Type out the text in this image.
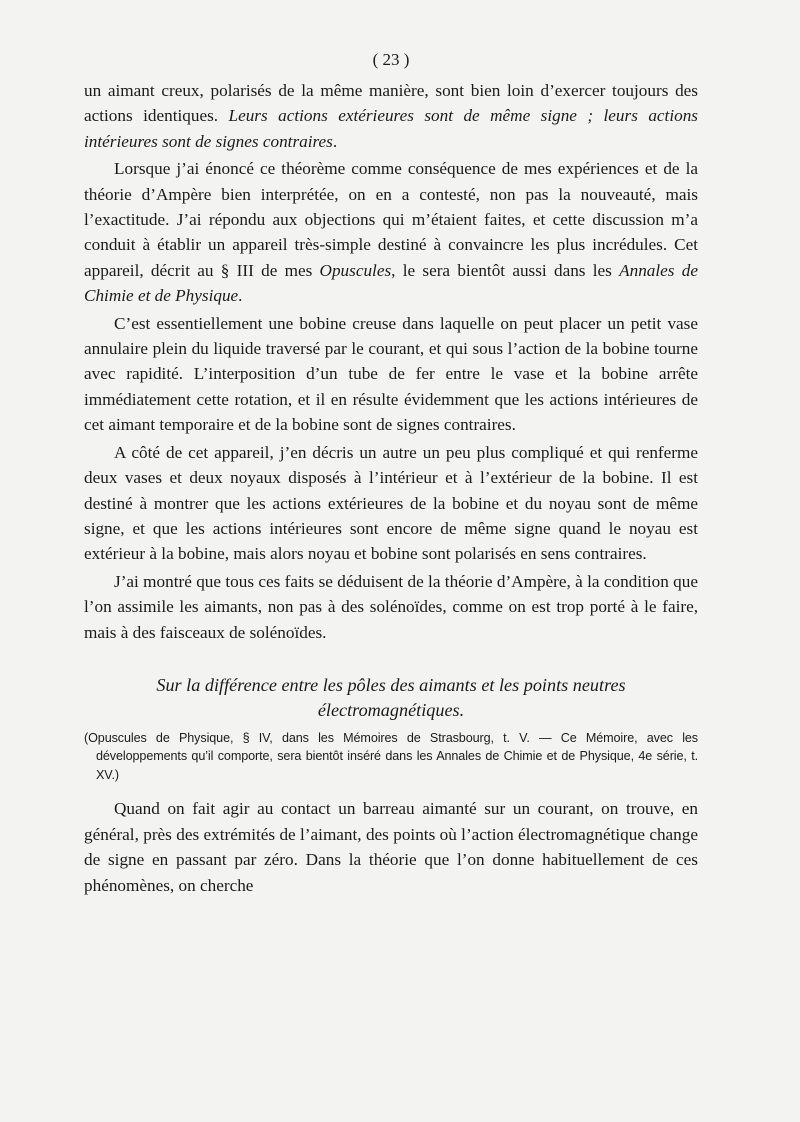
( 23 )

un aimant creux, polarisés de la même manière, sont bien loin d’exercer toujours des actions identiques. Leurs actions extérieures sont de même signe ; leurs actions intérieures sont de signes contraires.

Lorsque j’ai énoncé ce théorème comme conséquence de mes expériences et de la théorie d’Ampère bien interprétée, on en a contesté, non pas la nouveauté, mais l’exactitude. J’ai répondu aux objections qui m’étaient faites, et cette discussion m’a conduit à établir un appareil très-simple destiné à convaincre les plus incrédules. Cet appareil, décrit au § III de mes Opuscules, le sera bientôt aussi dans les Annales de Chimie et de Physique.

C’est essentiellement une bobine creuse dans laquelle on peut placer un petit vase annulaire plein du liquide traversé par le courant, et qui sous l’action de la bobine tourne avec rapidité. L’interposition d’un tube de fer entre le vase et la bobine arrête immédiatement cette rotation, et il en résulte évidemment que les actions intérieures de cet aimant temporaire et de la bobine sont de signes contraires.

A côté de cet appareil, j’en décris un autre un peu plus compliqué et qui renferme deux vases et deux noyaux disposés à l’intérieur et à l’extérieur de la bobine. Il est destiné à montrer que les actions extérieures de la bobine et du noyau sont de même signe, et que les actions intérieures sont encore de même signe quand le noyau est extérieur à la bobine, mais alors noyau et bobine sont polarisés en sens contraires.

J’ai montré que tous ces faits se déduisent de la théorie d’Ampère, à la condition que l’on assimile les aimants, non pas à des solénoïdes, comme on est trop porté à le faire, mais à des faisceaux de solénoïdes.

Sur la différence entre les pôles des aimants et les points neutres électromagnétiques.

(Opuscules de Physique, § IV, dans les Mémoires de Strasbourg, t. V. — Ce Mémoire, avec les développements qu’il comporte, sera bientôt inséré dans les Annales de Chimie et de Physique, 4e série, t. XV.)

Quand on fait agir au contact un barreau aimanté sur un courant, on trouve, en général, près des extrémités de l’aimant, des points où l’action électromagnétique change de signe en passant par zéro. Dans la théorie que l’on donne habituellement de ces phénomènes, on cherche
